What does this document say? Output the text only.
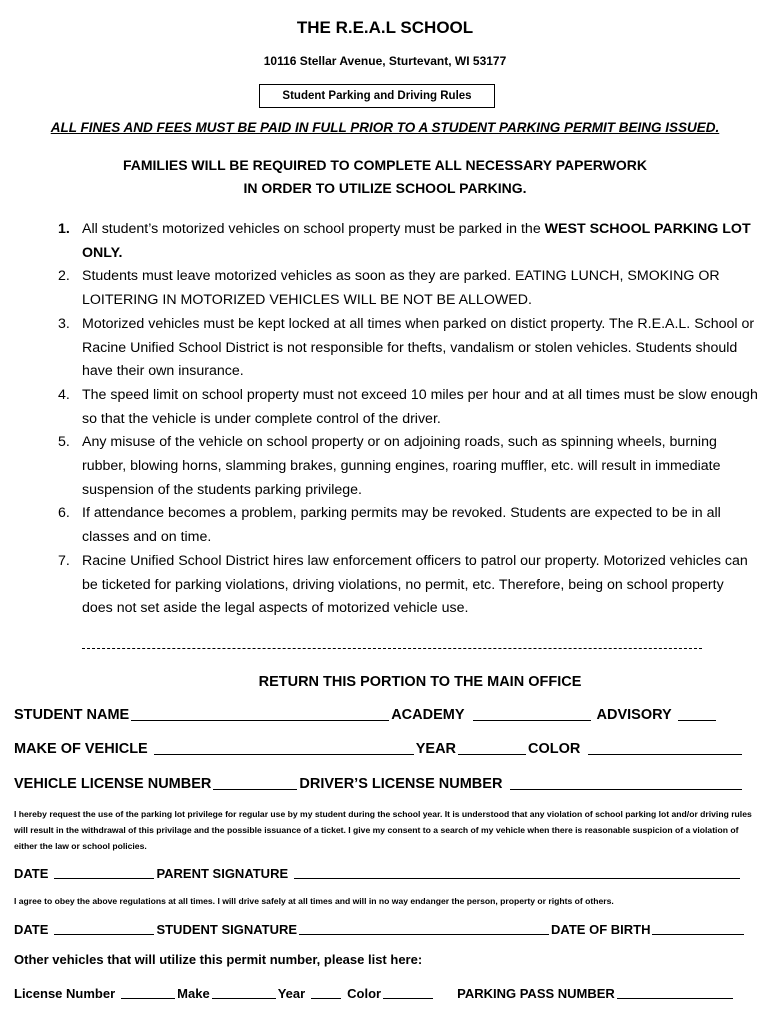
THE R.E.A.L SCHOOL
10116 Stellar Avenue, Sturtevant, WI 53177
Student Parking and Driving Rules
ALL FINES AND FEES MUST BE PAID IN FULL PRIOR TO A STUDENT PARKING PERMIT BEING ISSUED.
FAMILIES WILL BE REQUIRED TO COMPLETE ALL NECESSARY PAPERWORK
IN ORDER TO UTILIZE SCHOOL PARKING.
1. All student’s motorized vehicles on school property must be parked in the WEST SCHOOL PARKING LOT ONLY.
2. Students must leave motorized vehicles as soon as they are parked. EATING LUNCH, SMOKING OR LOITERING IN MOTORIZED VEHICLES WILL BE NOT BE ALLOWED.
3. Motorized vehicles must be kept locked at all times when parked on distict property. The R.E.A.L. School or Racine Unified School District is not responsible for thefts, vandalism or stolen vehicles. Students should have their own insurance.
4. The speed limit on school property must not exceed 10 miles per hour and at all times must be slow enough so that the vehicle is under complete control of the driver.
5. Any misuse of the vehicle on school property or on adjoining roads, such as spinning wheels, burning rubber, blowing horns, slamming brakes, gunning engines, roaring muffler, etc. will result in immediate suspension of the students parking privilege.
6. If attendance becomes a problem, parking permits may be revoked. Students are expected to be in all classes and on time.
7. Racine Unified School District hires law enforcement officers to patrol our property. Motorized vehicles can be ticketed for parking violations, driving violations, no permit, etc. Therefore, being on school property does not set aside the legal aspects of motorized vehicle use.
RETURN THIS PORTION TO THE MAIN OFFICE
STUDENT NAME	ACADEMY	ADVISORY
MAKE OF VEHICLE	YEAR	COLOR
VEHICLE LICENSE NUMBER	DRIVER’S LICENSE NUMBER
I hereby request the use of the parking lot privilege for regular use by my student during the school year. It is understood that any violation of school parking lot and/or driving rules will result in the withdrawal of this privilage and the possible issuance of a ticket. I give my consent to a search of my vehicle when there is reasonable suspicion of a violation of either the law or school policies.
DATE	PARENT SIGNATURE
I agree to obey the above regulations at all times. I will drive safely at all times and will in no way endanger the person, property or rights of others.
DATE	STUDENT SIGNATURE	DATE OF BIRTH
Other vehicles that will utilize this permit number, please list here:
License Number	Make	Year	Color	PARKING PASS NUMBER
